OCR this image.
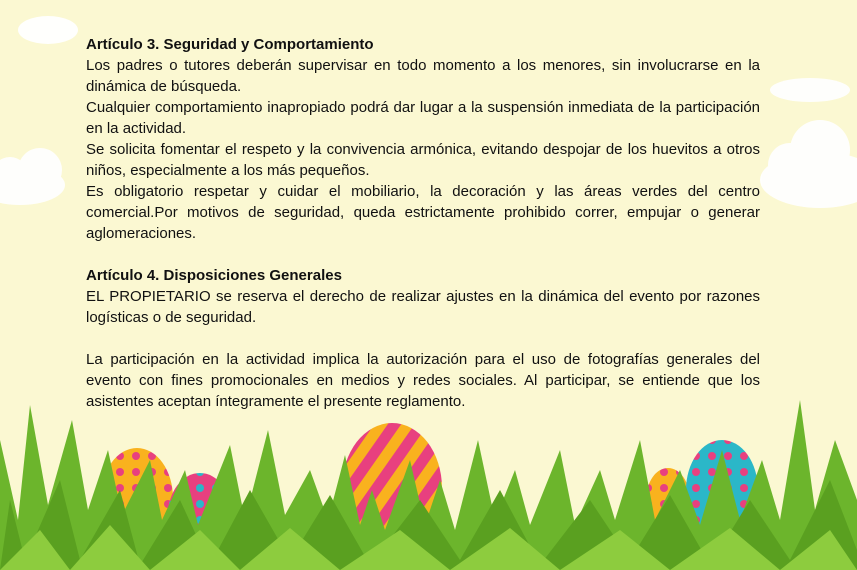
Artículo 3. Seguridad y Comportamiento

Los padres o tutores deberán supervisar en todo momento a los menores, sin involucrarse en la dinámica de búsqueda.

Cualquier comportamiento inapropiado podrá dar lugar a la suspensión inmediata de la participación en la actividad.

Se solicita fomentar el respeto y la convivencia armónica, evitando despojar de los huevitos a otros niños, especialmente a los más pequeños.

Es obligatorio respetar y cuidar el mobiliario, la decoración y las áreas verdes del centro comercial.Por motivos de seguridad, queda estrictamente prohibido correr, empujar o generar aglomeraciones.

Artículo 4. Disposiciones Generales

EL PROPIETARIO se reserva el derecho de realizar ajustes en la dinámica del evento por razones logísticas o de seguridad.

La participación en la actividad implica la autorización para el uso de fotografías generales del evento con fines promocionales en medios y redes sociales. Al participar, se entiende que los asistentes aceptan íntegramente el presente reglamento.
